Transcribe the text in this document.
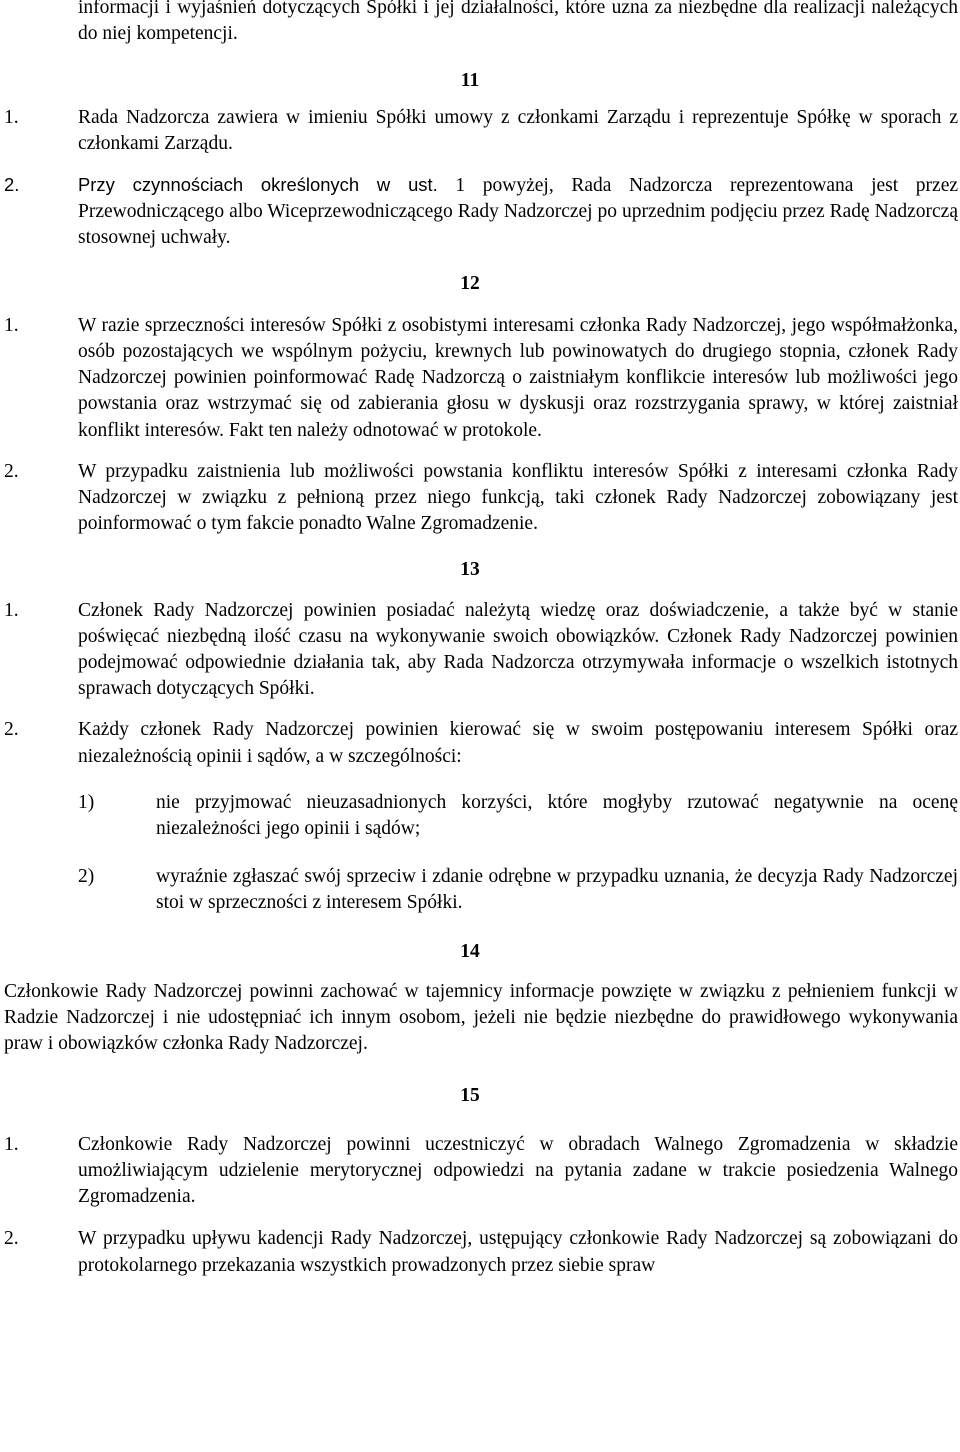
informacji i wyjaśnień dotyczących Spółki i jej działalności, które uzna za niezbędne dla realizacji należących do niej kompetencji.

11

1.	Rada Nadzorcza zawiera w imieniu Spółki umowy z członkami Zarządu i reprezentuje Spółkę w sporach z członkami Zarządu.
2.	Przy czynnościach określonych w ust. 1 powyżej, Rada Nadzorcza reprezentowana jest przez Przewodniczącego albo Wiceprzewodniczącego Rady Nadzorczej po uprzednim podjęciu przez Radę Nadzorczą stosownej uchwały.

12

1.	W razie sprzeczności interesów Spółki z osobistymi interesami członka Rady Nadzorczej, jego współmałżonka, osób pozostających we wspólnym pożyciu, krewnych lub powinowatych do drugiego stopnia, członek Rady Nadzorczej powinien poinformować Radę Nadzorczą o zaistniałym konflikcie interesów lub możliwości jego powstania oraz wstrzymać się od zabierania głosu w dyskusji oraz rozstrzygania sprawy, w której zaistniał konflikt interesów. Fakt ten należy odnotować w protokole.
2.	W przypadku zaistnienia lub możliwości powstania konfliktu interesów Spółki z interesami członka Rady Nadzorczej w związku z pełnioną przez niego funkcją, taki członek Rady Nadzorczej zobowiązany jest poinformować o tym fakcie ponadto Walne Zgromadzenie.

13

1.	Członek Rady Nadzorczej powinien posiadać należytą wiedzę oraz doświadczenie, a także być w stanie poświęcać niezbędną ilość czasu na wykonywanie swoich obowiązków. Członek Rady Nadzorczej powinien podejmować odpowiednie działania tak, aby Rada Nadzorcza otrzymywała informacje o wszelkich istotnych sprawach dotyczących Spółki.
2.	Każdy członek Rady Nadzorczej powinien kierować się w swoim postępowaniu interesem Spółki oraz niezależnością opinii i sądów, a w szczególności:
1)	nie przyjmować nieuzasadnionych korzyści, które mogłyby rzutować negatywnie na ocenę niezależności jego opinii i sądów;
2)	wyraźnie zgłaszać swój sprzeciw i zdanie odrębne w przypadku uznania, że decyzja Rady Nadzorczej stoi w sprzeczności z interesem Spółki.

14

Członkowie Rady Nadzorczej powinni zachować w tajemnicy informacje powzięte w związku z pełnieniem funkcji w Radzie Nadzorczej i nie udostępniać ich innym osobom, jeżeli nie będzie niezbędne do prawidłowego wykonywania praw i obowiązków członka Rady Nadzorczej.

15

1.	Członkowie Rady Nadzorczej powinni uczestniczyć w obradach Walnego Zgromadzenia w składzie umożliwiającym udzielenie merytorycznej odpowiedzi na pytania zadane w trakcie posiedzenia Walnego Zgromadzenia.
2.	W przypadku upływu kadencji Rady Nadzorczej, ustępujący członkowie Rady Nadzorczej są zobowiązani do protokolarnego przekazania wszystkich prowadzonych przez siebie spraw
